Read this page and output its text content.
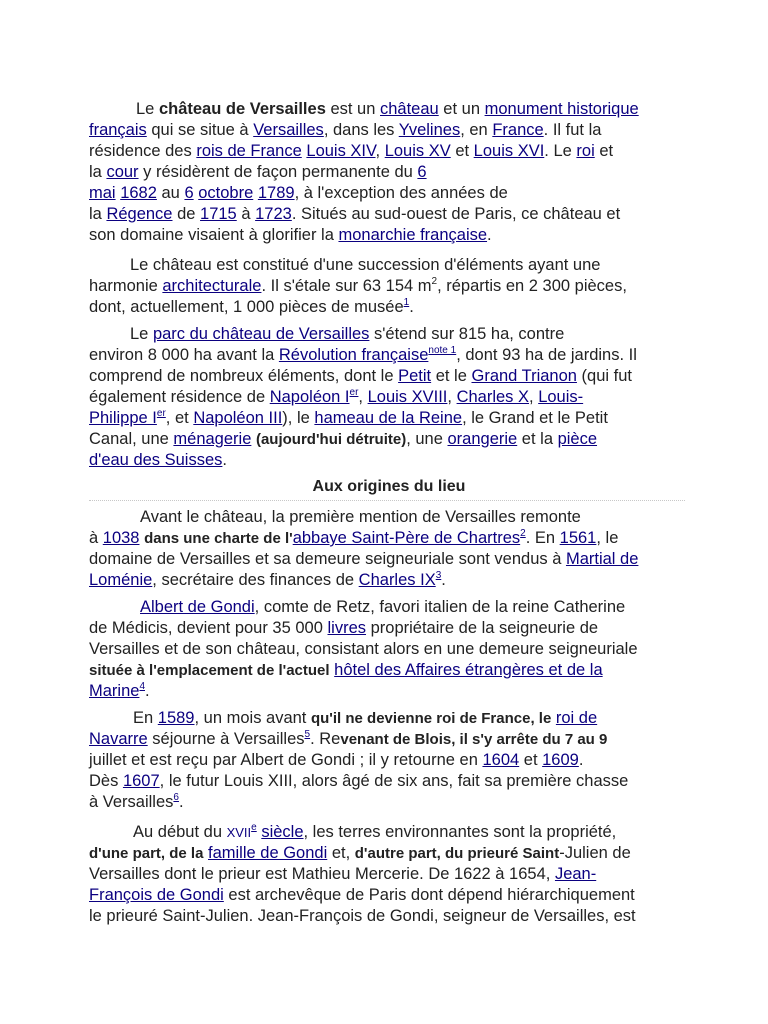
Le château de Versailles est un château et un monument historique
français qui se situe à Versailles, dans les Yvelines, en France. Il fut la
résidence des rois de France Louis XIV, Louis XV et Louis XVI. Le roi et
la cour y résidèrent de façon permanente du 6
mai 1682 au 6 octobre 1789, à l'exception des années de
la Régence de 1715 à 1723. Situés au sud-ouest de Paris, ce château et
son domaine visaient à glorifier la monarchie française.
Le château est constitué d'une succession d'éléments ayant une
harmonie architecturale. Il s'étale sur 63 154 $m^2$, répartis en 2 300 pièces,
dont, actuellement, 1 000 pièces de musée$^1$.
Le parc du château de Versailles s'étend sur 815 ha, contre
environ 8 000 ha avant la Révolution française$^{note 1}$, dont 93 ha de jardins. Il
comprend de nombreux éléments, dont le Petit et le Grand Trianon (qui fut
également résidence de Napoléon Ier, Louis XVIII, Charles X, Louis-
Philippe Ier, et Napoléon III), le hameau de la Reine, le Grand et le Petit
Canal, une ménagerie (aujourd'hui détruite), une orangerie et la pièce
d'eau des Suisses.
Aux origines du lieu
Avant le château, la première mention de Versailles remonte
à 1038 dans une charte de l'abbaye Saint-Père de Chartres$^2$. En 1561, le
domaine de Versailles et sa demeure seigneuriale sont vendus à Martial de
Loménie, secrétaire des finances de Charles IX$^3$.
Albert de Gondi, comte de Retz, favori italien de la reine Catherine
de Médicis, devient pour 35 000 livres propriétaire de la seigneurie de
Versailles et de son château, consistant alors en une demeure seigneuriale
située à l'emplacement de l'actuel hôtel des Affaires étrangères et de la
Marine$^4$.
En 1589, un mois avant qu'il ne devienne roi de France, le roi de
Navarre séjourne à Versailles$^5$. Revenant de Blois, il s'y arrête du 7 au 9
juillet et est reçu par Albert de Gondi ; il y retourne en 1604 et 1609.
Dès 1607, le futur Louis XIII, alors âgé de six ans, fait sa première chasse
à Versailles$^6$.
Au début du XVIIe siècle, les terres environnantes sont la propriété,
d'une part, de la famille de Gondi et, d'autre part, du prieuré Saint-Julien de
Versailles dont le prieur est Mathieu Mercerie. De 1622 à 1654, Jean-
François de Gondi est archevêque de Paris dont dépend hiérarchiquement
le prieuré Saint-Julien. Jean-François de Gondi, seigneur de Versailles, est
